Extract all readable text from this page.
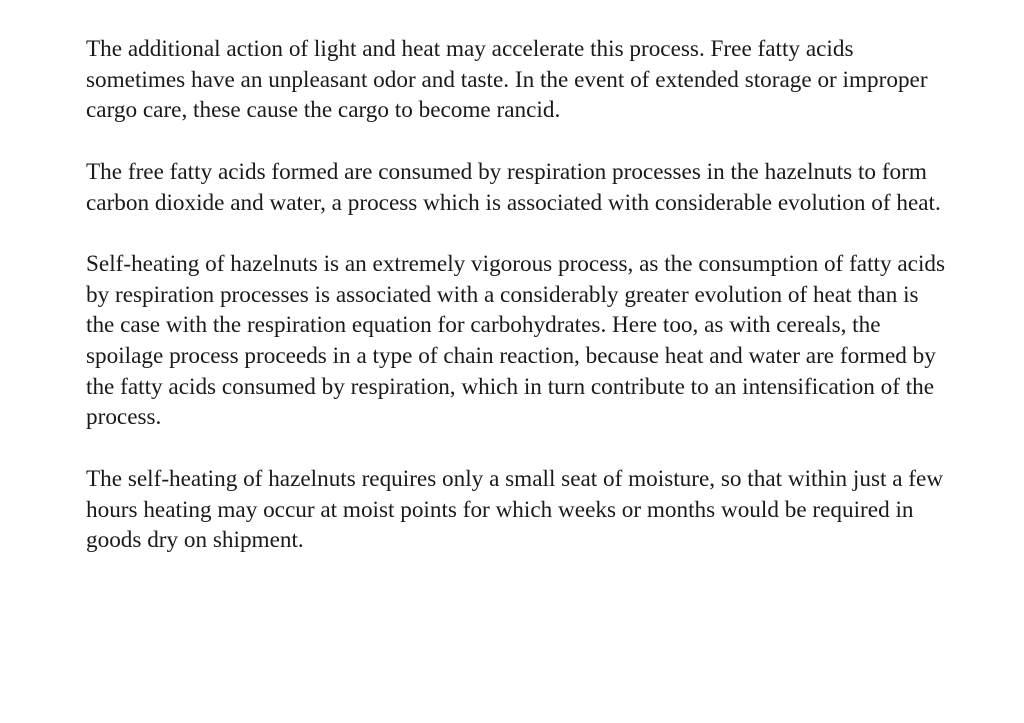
The additional action of light and heat may accelerate this process. Free fatty acids sometimes have an unpleasant odor and taste. In the event of extended storage or improper cargo care, these cause the cargo to become rancid.

The free fatty acids formed are consumed by respiration processes in the hazelnuts to form carbon dioxide and water, a process which is associated with considerable evolution of heat.

Self-heating of hazelnuts is an extremely vigorous process, as the consumption of fatty acids by respiration processes is associated with a considerably greater evolution of heat than is the case with the respiration equation for carbohydrates. Here too, as with cereals, the spoilage process proceeds in a type of chain reaction, because heat and water are formed by the fatty acids consumed by respiration, which in turn contribute to an intensification of the process.

The self-heating of hazelnuts requires only a small seat of moisture, so that within just a few hours heating may occur at moist points for which weeks or months would be required in goods dry on shipment.
